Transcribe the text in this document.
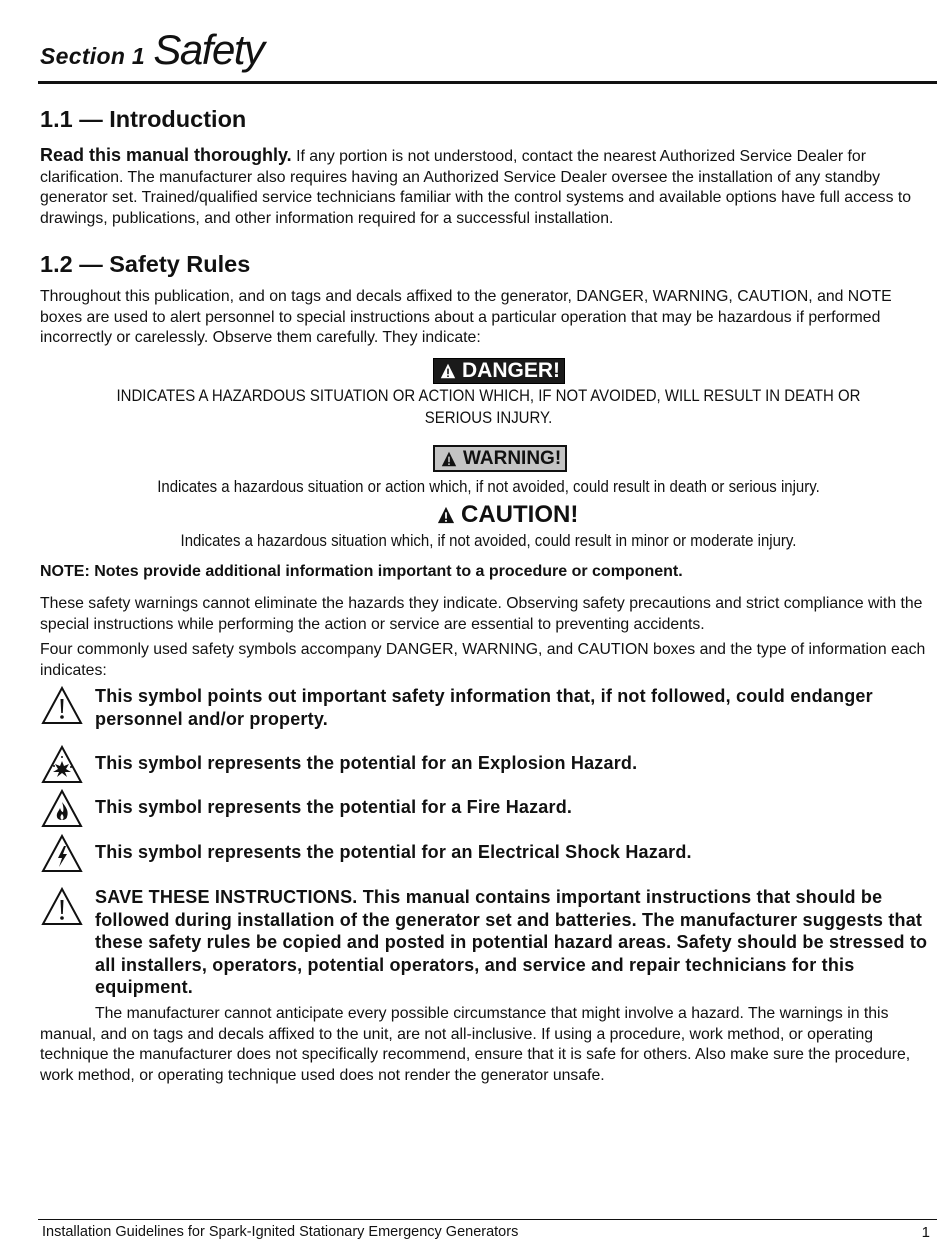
Section 1 Safety
1.1 — Introduction

Read this manual thoroughly. If any portion is not understood, contact the nearest Authorized Service Dealer for clarification. The manufacturer also requires having an Authorized Service Dealer oversee the installation of any standby generator set. Trained/qualified service technicians familiar with the control systems and available options have full access to drawings, publications, and other information required for a successful installation.

1.2 — Safety Rules

Throughout this publication, and on tags and decals affixed to the generator, DANGER, WARNING, CAUTION, and NOTE boxes are used to alert personnel to special instructions about a particular operation that may be hazardous if performed incorrectly or carelessly. Observe them carefully. They indicate:

DANGER!

INDICATES A HAZARDOUS SITUATION OR ACTION WHICH, IF NOT AVOIDED, WILL RESULT IN DEATH OR SERIOUS INJURY.

WARNING!

Indicates a hazardous situation or action which, if not avoided, could result in death or serious injury.

CAUTION!

Indicates a hazardous situation which, if not avoided, could result in minor or moderate injury.

NOTE: Notes provide additional information important to a procedure or component.

These safety warnings cannot eliminate the hazards they indicate. Observing safety precautions and strict compliance with the special instructions while performing the action or service are essential to preventing accidents.

Four commonly used safety symbols accompany DANGER, WARNING, and CAUTION boxes and the type of information each indicates:

This symbol points out important safety information that, if not followed, could endanger personnel and/or property.
This symbol represents the potential for an Explosion Hazard.
This symbol represents the potential for a Fire Hazard.
This symbol represents the potential for an Electrical Shock Hazard.
SAVE THESE INSTRUCTIONS. This manual contains important instructions that should be followed during installation of the generator set and batteries. The manufacturer suggests that these safety rules be copied and posted in potential hazard areas. Safety should be stressed to all installers, operators, potential operators, and service and repair technicians for this equipment.

The manufacturer cannot anticipate every possible circumstance that might involve a hazard. The warnings in this manual, and on tags and decals affixed to the unit, are not all-inclusive. If using a procedure, work method, or operating technique the manufacturer does not specifically recommend, ensure that it is safe for others. Also make sure the procedure, work method, or operating technique used does not render the generator unsafe.

Installation Guidelines for Spark-Ignited Stationary Emergency Generators	1
